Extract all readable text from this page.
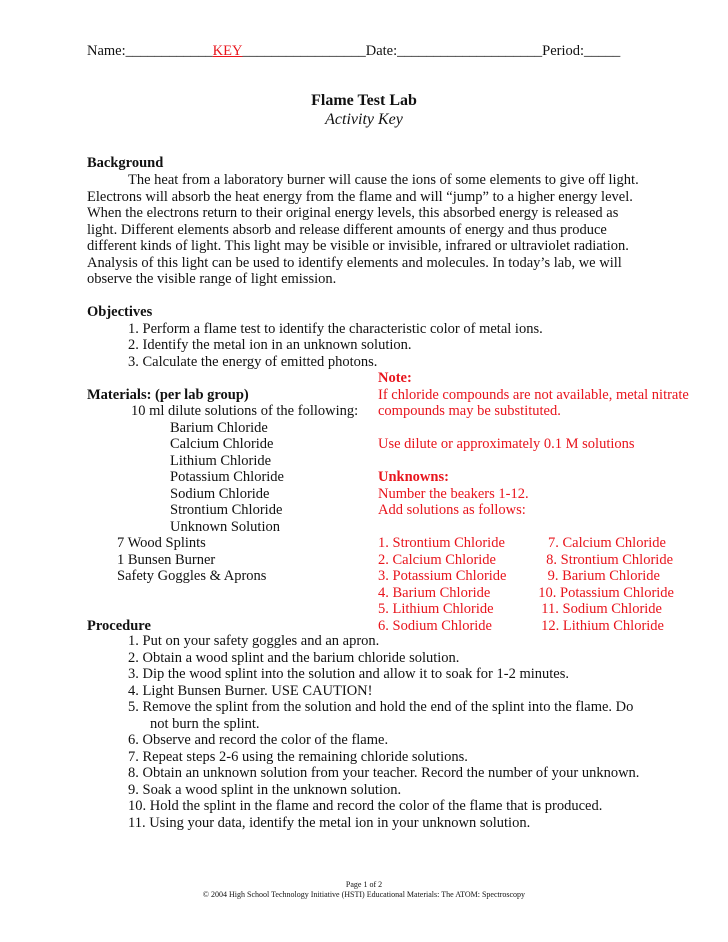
Name:____________KEY_________________Date:____________________Period:_____
Flame Test Lab
Activity Key
Background
The heat from a laboratory burner will cause the ions of some elements to give off light.
Electrons will absorb the heat energy from the flame and will “jump” to a higher energy level.
When the electrons return to their original energy levels, this absorbed energy is released as
light. Different elements absorb and release different amounts of energy and thus produce
different kinds of light. This light may be visible or invisible, infrared or ultraviolet radiation.
Analysis of this light can be used to identify elements and molecules. In today’s lab, we will
observe the visible range of light emission.
Objectives
1. Perform a flame test to identify the characteristic color of metal ions.
2. Identify the metal ion in an unknown solution.
3. Calculate the energy of emitted photons.
Materials: (per lab group)
10 ml dilute solutions of the following:
Barium Chloride
Calcium Chloride
Lithium Chloride
Potassium Chloride
Sodium Chloride
Strontium Chloride
Unknown Solution
7 Wood Splints
1 Bunsen Burner
Safety Goggles & Aprons
Note:
If chloride compounds are not available, metal nitrate
compounds may be substituted.
Use dilute or approximately 0.1 M solutions
Unknowns:
Number the beakers 1-12.
Add solutions as follows:
1. Strontium Chloride
2. Calcium Chloride
3. Potassium Chloride
4. Barium Chloride
5. Lithium Chloride
6. Sodium Chloride
7. Calcium Chloride
8. Strontium Chloride
9. Barium Chloride
10. Potassium Chloride
11. Sodium Chloride
12. Lithium Chloride
Procedure
1. Put on your safety goggles and an apron.
2. Obtain a wood splint and the barium chloride solution.
3. Dip the wood splint into the solution and allow it to soak for 1-2 minutes.
4. Light Bunsen Burner. USE CAUTION!
5. Remove the splint from the solution and hold the end of the splint into the flame. Do
not burn the splint.
6. Observe and record the color of the flame.
7. Repeat steps 2-6 using the remaining chloride solutions.
8. Obtain an unknown solution from your teacher. Record the number of your unknown.
9. Soak a wood splint in the unknown solution.
10. Hold the splint in the flame and record the color of the flame that is produced.
11. Using your data, identify the metal ion in your unknown solution.
Page 1 of 2
© 2004 High School Technology Initiative (HSTI) Educational Materials: The ATOM: Spectroscopy
